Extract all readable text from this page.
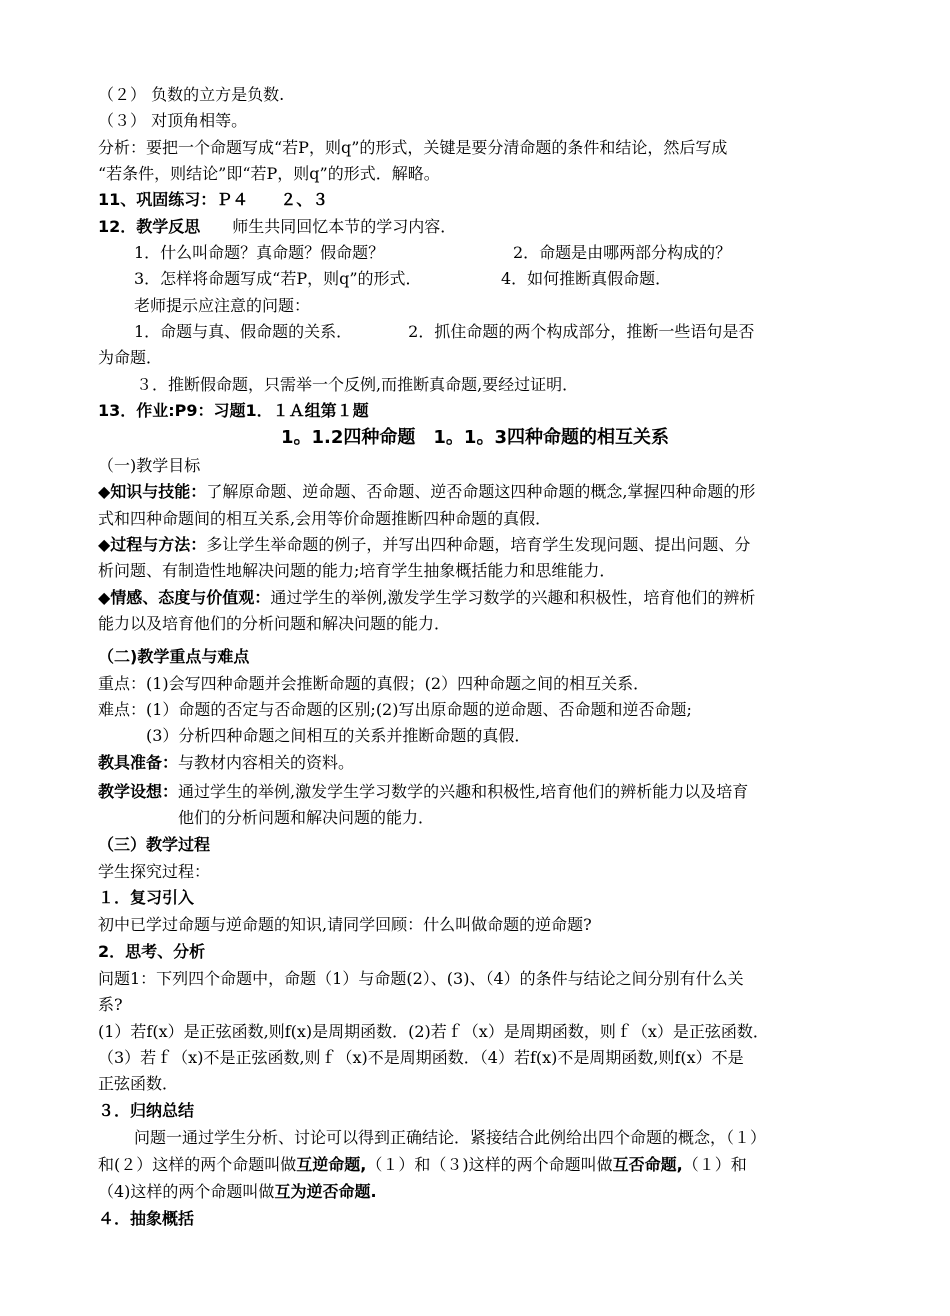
（２） 负数的立方是负数.
（３） 对顶角相等。
分析：要把一个命题写成“若P，则q”的形式，关键是要分清命题的条件和结论，然后写成
“若条件，则结论”即“若P，则q”的形式．解略。
11、巩固练习：Ｐ４　　２、３
12．教学反思　　师生共同回忆本节的学习内容．
1．什么叫命题？真命题？假命题？	2．命题是由哪两部分构成的？
3．怎样将命题写成“若P，则q”的形式．	4．如何推断真假命题．
老师提示应注意的问题：
1．命题与真、假命题的关系．　　　　2．抓住命题的两个构成部分，推断一些语句是否
为命题．
３．推断假命题，只需举一个反例,而推断真命题,要经过证明．
13．作业:P9：习题1．１Ａ组第１题
1。1.2四种命题　1。1。3四种命题的相互关系
（一)教学目标
◆知识与技能：了解原命题、逆命题、否命题、逆否命题这四种命题的概念,掌握四种命题的形
式和四种命题间的相互关系,会用等价命题推断四种命题的真假．
◆过程与方法：多让学生举命题的例子，并写出四种命题，培育学生发现问题、提出问题、分
析问题、有制造性地解决问题的能力;培育学生抽象概括能力和思维能力．
◆情感、态度与价值观：通过学生的举例,激发学生学习数学的兴趣和积极性，培育他们的辨析
能力以及培育他们的分析问题和解决问题的能力．
（二)教学重点与难点
重点：(1)会写四种命题并会推断命题的真假；(2）四种命题之间的相互关系．
难点：(1）命题的否定与否命题的区别;(2)写出原命题的逆命题、否命题和逆否命题;
(3）分析四种命题之间相互的关系并推断命题的真假．
教具准备：与教材内容相关的资料。
教学设想：通过学生的举例,激发学生学习数学的兴趣和积极性,培育他们的辨析能力以及培育
他们的分析问题和解决问题的能力．
（三）教学过程
学生探究过程：
１．复习引入
初中已学过命题与逆命题的知识,请同学回顾：什么叫做命题的逆命题?
2．思考、分析
问题1：下列四个命题中，命题（1）与命题(2）、(3)、（4）的条件与结论之间分别有什么关
系?
(1）若f(x）是正弦函数,则f(x)是周期函数．(2)若ｆ（x）是周期函数，则ｆ（x）是正弦函数．
（3）若ｆ（x)不是正弦函数,则ｆ（x)不是周期函数．（4）若f(x)不是周期函数,则f(x）不是
正弦函数．
３．归纳总结
问题一通过学生分析、讨论可以得到正确结论．紧接结合此例给出四个命题的概念，（１）
和(２）这样的两个命题叫做互逆命题,（１）和（３)这样的两个命题叫做互否命题,（１）和
（4)这样的两个命题叫做互为逆否命题.
４．抽象概括
